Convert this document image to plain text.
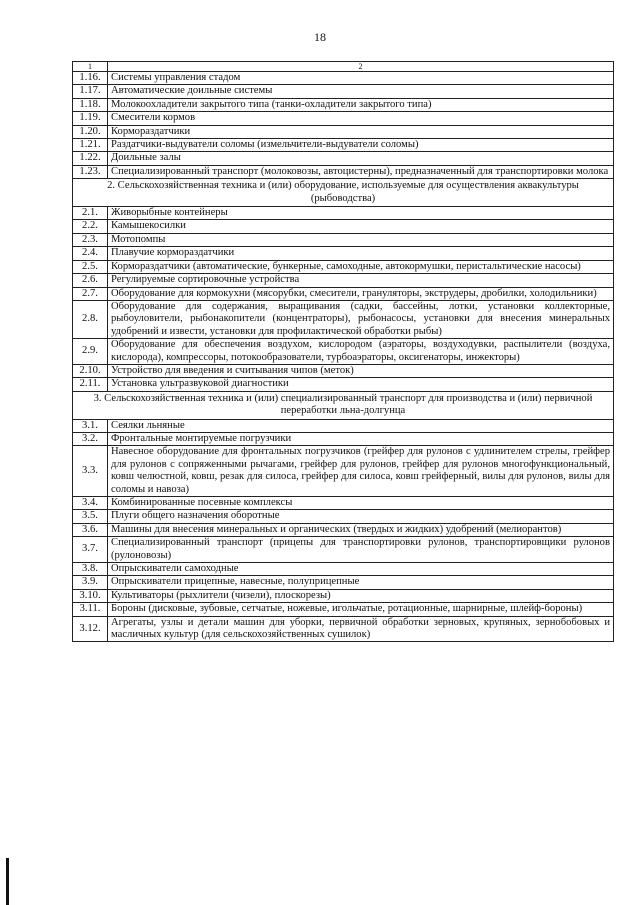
18
1	2
1.16.	Системы управления стадом
1.17.	Автоматические доильные системы
1.18.	Молокоохладители закрытого типа (танки-охладители закрытого типа)
1.19.	Смесители кормов
1.20.	Кормораздатчики
1.21.	Раздатчики-выдуватели соломы (измельчители-выдуватели соломы)
1.22.	Доильные залы
1.23.	Специализированный транспорт (молоковозы, автоцистерны), предназначенный для транспортировки молока
2. Сельскохозяйственная техника и (или) оборудование, используемые для осуществления аквакультуры (рыбоводства)	
2.1.	Живорыбные контейнеры
2.2.	Камышекосилки
2.3.	Мотопомпы
2.4.	Плавучие кормораздатчики
2.5.	Кормораздатчики (автоматические, бункерные, самоходные, автокормушки, перистальтические насосы)
2.6.	Регулируемые сортировочные устройства
2.7.	Оборудование для кормокухни (мясорубки, смесители, грануляторы, экструдеры, дробилки, холодильники)
2.8.	Оборудование для содержания, выращивания (садки, бассейны, лотки, установки коллекторные, рыбоуловители, рыбонакопители (концентраторы), рыбонасосы, установки для внесения минеральных удобрений и извести, установки для профилактической обработки рыбы)
2.9.	Оборудование для обеспечения воздухом, кислородом (аэраторы, воздуходувки, распылители (воздуха, кислорода), компрессоры, потокообразователи, турбоаэраторы, оксигенаторы, инжекторы)
2.10.	Устройство для введения и считывания чипов (меток)
2.11.	Установка ультразвуковой диагностики
3. Сельскохозяйственная техника и (или) специализированный транспорт для производства и (или) первичной переработки льна-долгунца	
3.1.	Сеялки льняные
3.2.	Фронтальные монтируемые погрузчики
3.3.	Навесное оборудование для фронтальных погрузчиков (грейфер для рулонов с удлинителем стрелы, грейфер для рулонов с сопряженными рычагами, грейфер для рулонов, грейфер для рулонов многофункциональный, ковш челюстной, ковш, резак для силоса, грейфер для силоса, ковш грейферный, вилы для рулонов, вилы для соломы и навоза)
3.4.	Комбинированные посевные комплексы
3.5.	Плуги общего назначения оборотные
3.6.	Машины для внесения минеральных и органических (твердых и жидких) удобрений (мелиорантов)
3.7.	Специализированный транспорт (прицепы для транспортировки рулонов, транспортировщики рулонов (рулоновозы)
3.8.	Опрыскиватели самоходные
3.9.	Опрыскиватели прицепные, навесные, полуприцепные
3.10.	Культиваторы (рыхлители (чизели), плоскорезы)
3.11.	Бороны (дисковые, зубовые, сетчатые, ножевые, игольчатые, ротационные, шарнирные, шлейф-бороны)
3.12.	Агрегаты, узлы и детали машин для уборки, первичной обработки зерновых, крупяных, зернобобовых и масличных культур (для сельскохозяйственных сушилок)
